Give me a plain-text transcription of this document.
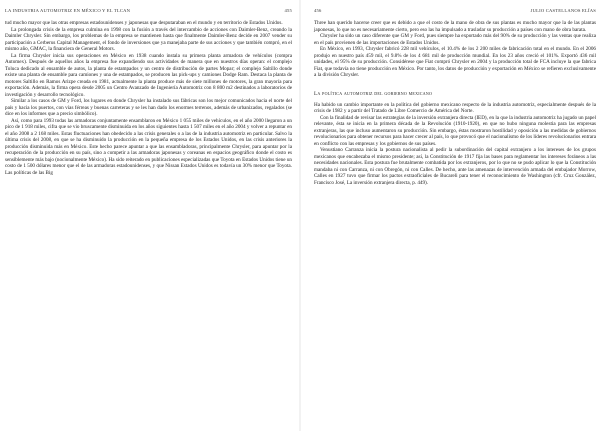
LA INDUSTRIA AUTOMOTRIZ EN MÉXICO Y EL TLCAN	455

tud mucho mayor que las otras empresas estadounidenses y japonesas que desputaraban en el mundo y en territorio de Estados Unidos.

La prolongada crisis de la empresa culmina en 1998 con la fusión a través del intercambio de acciones con Daimler-Benz, creando la Daimler Chrysler. Sin embargo, los problemas de la empresa se mantienen hasta que finalmente Daimler-Benz decide en 2007 vender su participación a Cerberus Capital Management, el fondo de inversiones que ya manejaba parte de sus acciones y que también compró, en el mismo año, GMAC, la financiera de General Motors.

La firma Chrysler inicia sus operaciones en México en 1938 cuando instala su primera planta armadora de vehículos (compra Automex). Después de aquellos años la empresa fue expandiendo sus actividades de manera que en nuestros días operan: el complejo Toluca dedicado al ensamble de autos, la planta de estampados y un centro de distribución de partes Mopar; el complejo Saltillo donde existe una planta de ensamble para camiones y una de estampados, se producen las pick-ups y camiones Dodge Ram. Destaca la planta de motores Saltillo en Ramos Arizpe creada en 1981, actualmente la planta produce más de siete millones de motores, la gran mayoría para exportación. Además, la firma opera desde 2005 un Centro Avanzado de Ingeniería Automotriz con 8 800 m2 destinados a laboratorios de investigación y desarrollo tecnológico.

Similar a los casos de GM y Ford, los lugares en donde Chrysler ha instalado sus fábricas son los mejor comunicados hacia el norte del país y hacia los puertos, con vías férreas y buenas carreteras y se les han dado los enormes terrenos, además de urbanizados, regalados (se dice en los informes que a precio simbólico).

Así, como para 1993 todas las armadoras conjuntamente ensamblaron en México 1 055 miles de vehículos, en el año 2000 llegaron a un pico de 1 918 miles, cifra que se vio bruscamente disminuida en los años siguientes hasta 1 507 miles en el año 2004 y volver a repuntar en el año 2008 a 2 168 miles. Estas fluctuaciones han obedecido a las crisis generales o a las de la industria automotriz en particular. Salvo la última crisis del 2008, en que se ha disminuido la producción en la pequeña empresa de los Estados Unidos, en las crisis anteriores la producción disminuida más en México. Este hecho parece apuntar a que las ensambladoras, principalmente Chrysler, para apuntar por la recuperación de la producción en su país, sino a competir a las armadoras japonesas y coreanas en espacios geográfico donde el costo es sensiblemente más bajo (nocionalmente México). Ha sido reiterado en publicaciones especializadas que Toyota en Estados Unidos tiene un costo de 1 500 dólares menor que el de las armadoras estadounidenses, y que Nissan Estados Unidos es todavía un 30% menor que Toyota. Las políticas de las Big

456	JULIO CASTELLANOS ELÍAS

Three han querido hacerse creer que es debido a que el costo de la mano de obra de sus plantas es mucho mayor que la de las plantas japonesas, lo que no es necesariamente cierto, pero eso las ha impulsado a trasladar su producción a países con mano de obra barata.

Chrysler ha sido un caso diferente que GM y Ford, pues siempre ha exportado más del 90% de su producción y las ventas que realiza en el país provienen de las importaciones de Estados Unidos.

En México, en 1993, Chrysler fabricó 228 mil vehículos, el 10.4% de los 2 200 miles de fabricación total en el mundo. En el 2006 produjo en nuestro país 459 mil, el 9.8% de los 4 681 mil de producción mundial. En los 23 años creció el 101%. Exportó 436 mil unidades, el 95% de su producción. Considérese que Fiat compró Chrysler en 2004 y la producción total de FCA incluye la que fabrica Fiat, que todavía no tiene producción en México. Por tanto, los datos de producción y exportación en México se refieren exclusivamente a la división Chrysler.

La política automotriz del gobierno mexicano

Ha habido un cambio importante en la política del gobierno mexicano respecto de la industria automotriz, especialmente después de la crisis de 1982 y a partir del Tratado de Libre Comercio de América del Norte.

Con la finalidad de revisar las estrategias de la inversión extranjera directa (IED), en la que la industria automotriz ha jugado un papel relevante, ésta se inicia en la primera década de la Revolución (1910-1920), en que no hubo ninguna molestia para las empresas extranjeras, las que incluso aumentaron su producción. Sin embargo, éstas mostraron hostilidad y oposición a las medidas de gobiernos revolucionarios para obtener recursos para hacer crecer al país, lo que provocó que el nacionalismo de los líderes revolucionarios entrara en conflicto con las empresas y los gobiernos de sus países.

Venustiano Carranza inicia la postura nacionalista al pedir la subordinación del capital extranjero a los intereses de los grupos mexicanos que encabezaba el mismo presidente; así, la Constitución de 1917 fija las bases para reglamentar los intereses foráneos a las necesidades nacionales. Esta postura fue brutalmente combatida por los extranjeros, por lo que no se pudo aplicar lo que la Constitución mandaba ni con Carranza, ni con Obregón, ni con Calles. De hecho, ante las amenazas de intervención armada del embajador Morrow, Calles en 1927 tuvo que firmar los pactos extraoficiales de Bucareli para tener el reconocimiento de Washington (cfr. Cruz González, Francisco José, La inversión extranjera directa, p. 449).
